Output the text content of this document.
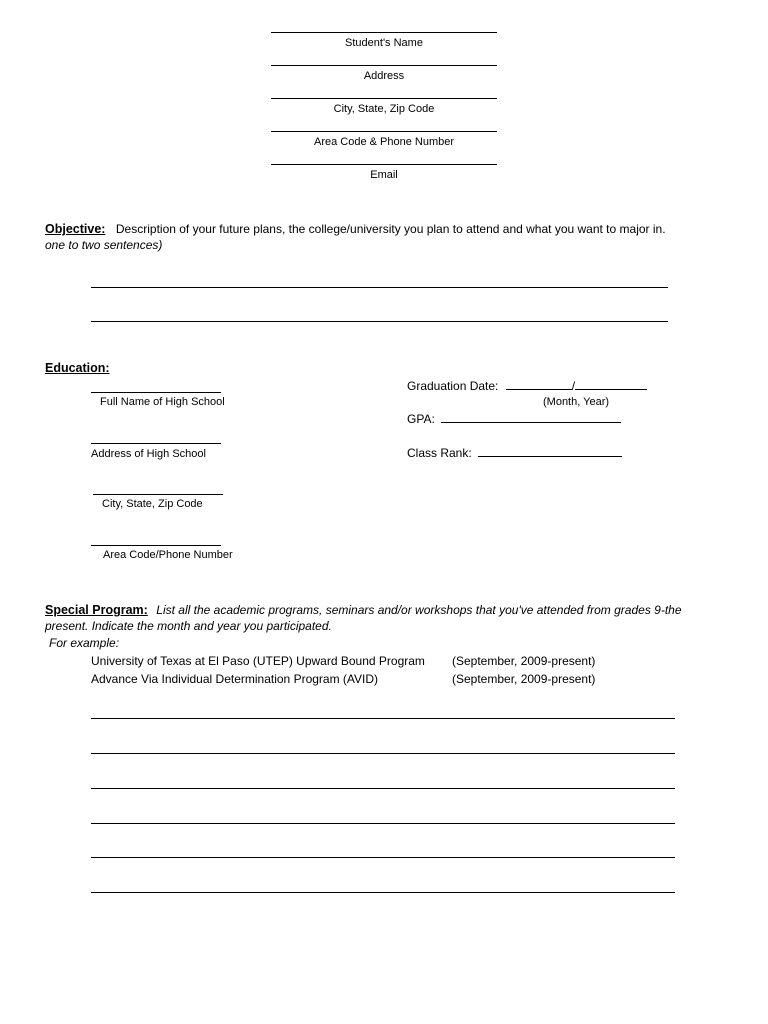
Student's Name
Address
City, State, Zip Code
Area Code & Phone Number
Email
Objective: Description of your future plans, the college/university you plan to attend and what you want to major in.
one to two sentences)
Education:
Full Name of High School
Address of High School
City, State, Zip Code
Area Code/Phone Number
Graduation Date:	/
(Month, Year)
GPA:
Class Rank:
Special Program: List all the academic programs, seminars and/or workshops that you've attended from grades 9-the
present. Indicate the month and year you participated.
For example:
University of Texas at El Paso (UTEP) Upward Bound Program (September, 2009-present)
Advance Via Individual Determination Program (AVID)	(September, 2009-present)
